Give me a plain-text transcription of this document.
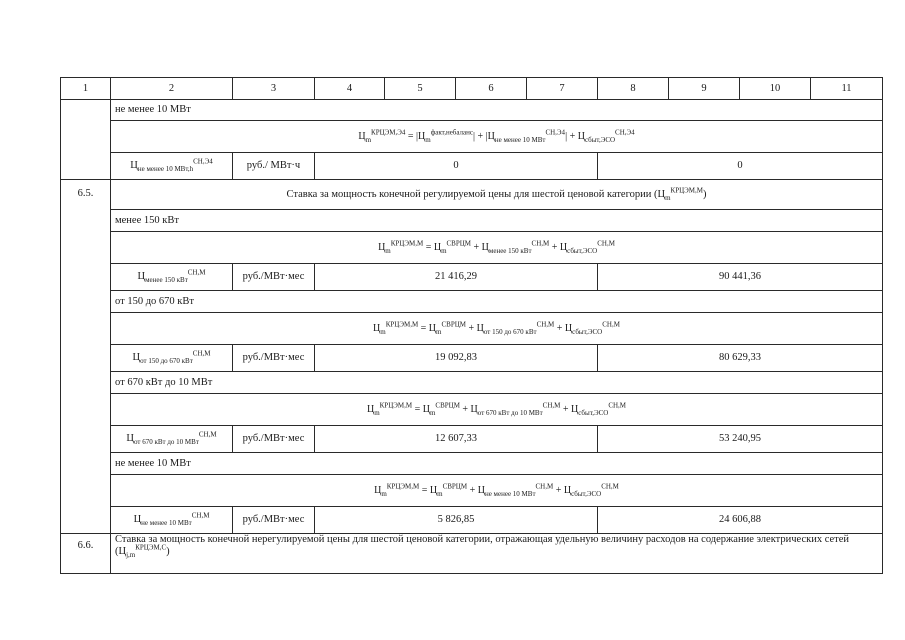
1	2	3	4	5	6	7	8	9	10	11
	не менее 10 МВт									
	$Ц_m^{КРЦЭМ,Э4} = |Ц_m^{факт,небаланс}| + |Ц_{не менее 10 МВт}^{СН,Э4}| + Ц_{сбыт,ЭСО}^{СН,Э4}$
	$Ц_{не менее 10 МВт,h}^{СН,Э4}$	руб./ МВт·ч	0				0			
6.5.	Ставка за мощность конечной регулируемой цены для шестой ценовой категории $(Ц_m^{КРЦЭМ,М})$									
	менее 150 кВт									
	$Ц_m^{КРЦЭМ,М} = Ц_m^{СВРЦМ} + Ц_{менее 150 кВт}^{СН,М} + Ц_{сбыт,ЭСО}^{СН,М}$
	$Ц_{менее 150 кВт}^{СН,М}$	руб./МВт·мес	21 416,29				90 441,36			
	от 150 до 670 кВт									
	$Ц_m^{КРЦЭМ,М} = Ц_m^{СВРЦМ} + Ц_{от 150 до 670 кВт}^{СН,М} + Ц_{сбыт,ЭСО}^{СН,М}$
	$Ц_{от 150 до 670 кВт}^{СН,М}$	руб./МВт·мес	19 092,83				80 629,33			
	от 670 кВт до 10 МВт									
	$Ц_m^{КРЦЭМ,М} = Ц_m^{СВРЦМ} + Ц_{от 670 кВт до 10 МВт}^{СН,М} + Ц_{сбыт,ЭСО}^{СН,М}$
	$Ц_{от 670 кВт до 10 МВт}^{СН,М}$	руб./МВт·мес	12 607,33				53 240,95			
	не менее 10 МВт									
	$Ц_m^{КРЦЭМ,М} = Ц_m^{СВРЦМ} + Ц_{не менее 10 МВт}^{СН,М} + Ц_{сбыт,ЭСО}^{СН,М}$
	$Ц_{не менее 10 МВт}^{СН,М}$	руб./МВт·мес	5 826,85				24 606,88			
6.6.	Ставка за мощность конечной нерегулируемой цены для шестой ценовой категории, отражающая удельную величину расходов на содержание электрических сетей $(Ц_{j,m}^{КРЦЭМ,С})$									
